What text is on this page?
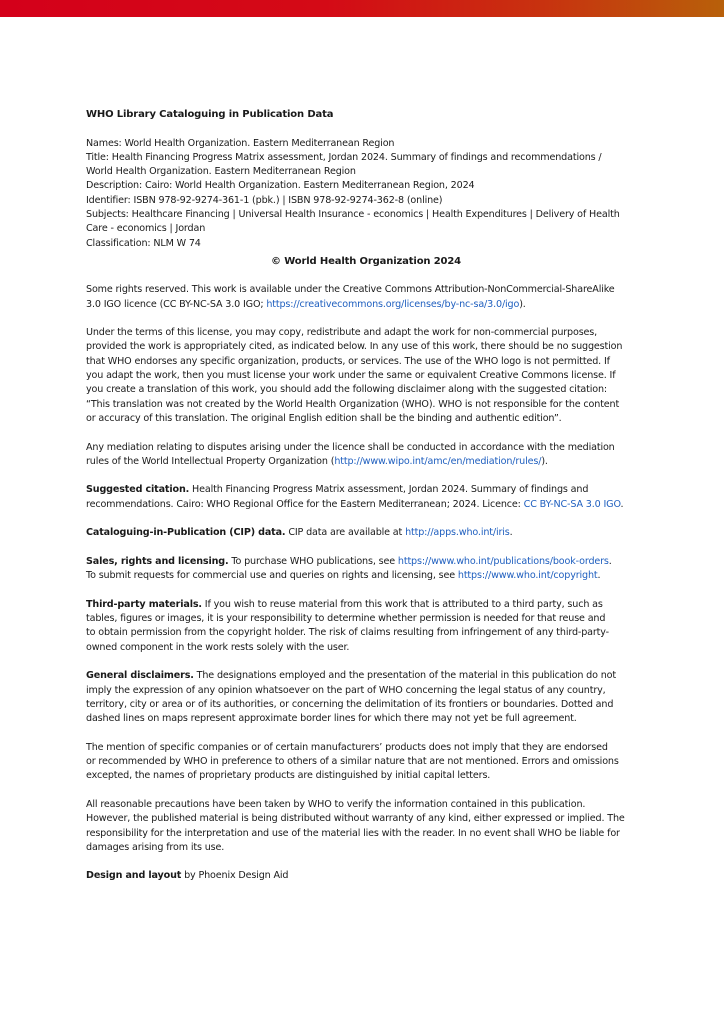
WHO Library Cataloguing in Publication Data

Names: World Health Organization. Eastern Mediterranean Region

Title: Health Financing Progress Matrix assessment, Jordan 2024. Summary of findings and recommendations /

World Health Organization. Eastern Mediterranean Region

Description: Cairo: World Health Organization. Eastern Mediterranean Region, 2024

Identifier: ISBN 978-92-9274-361-1 (pbk.) | ISBN 978-92-9274-362-8 (online)

Subjects: Healthcare Financing | Universal Health Insurance - economics | Health Expenditures | Delivery of Health

Care - economics | Jordan

Classification: NLM W 74

© World Health Organization 2024

Some rights reserved. This work is available under the Creative Commons Attribution-NonCommercial-ShareAlike

3.0 IGO licence (CC BY-NC-SA 3.0 IGO; https://creativecommons.org/licenses/by-nc-sa/3.0/igo).

Under the terms of this license, you may copy, redistribute and adapt the work for non-commercial purposes,

provided the work is appropriately cited, as indicated below. In any use of this work, there should be no suggestion

that WHO endorses any specific organization, products, or services. The use of the WHO logo is not permitted. If

you adapt the work, then you must license your work under the same or equivalent Creative Commons license. If

you create a translation of this work, you should add the following disclaimer along with the suggested citation:

“This translation was not created by the World Health Organization (WHO). WHO is not responsible for the content

or accuracy of this translation. The original English edition shall be the binding and authentic edition”.

Any mediation relating to disputes arising under the licence shall be conducted in accordance with the mediation

rules of the World Intellectual Property Organization (http://www.wipo.int/amc/en/mediation/rules/).

Suggested citation. Health Financing Progress Matrix assessment, Jordan 2024. Summary of findings and

recommendations. Cairo: WHO Regional Office for the Eastern Mediterranean; 2024. Licence: CC BY-NC-SA 3.0 IGO.

Cataloguing-in-Publication (CIP) data. CIP data are available at http://apps.who.int/iris.

Sales, rights and licensing. To purchase WHO publications, see https://www.who.int/publications/book-orders.

To submit requests for commercial use and queries on rights and licensing, see https://www.who.int/copyright.

Third-party materials. If you wish to reuse material from this work that is attributed to a third party, such as

tables, figures or images, it is your responsibility to determine whether permission is needed for that reuse and

to obtain permission from the copyright holder. The risk of claims resulting from infringement of any third-party-

owned component in the work rests solely with the user.

General disclaimers. The designations employed and the presentation of the material in this publication do not

imply the expression of any opinion whatsoever on the part of WHO concerning the legal status of any country,

territory, city or area or of its authorities, or concerning the delimitation of its frontiers or boundaries. Dotted and

dashed lines on maps represent approximate border lines for which there may not yet be full agreement.

The mention of specific companies or of certain manufacturers’ products does not imply that they are endorsed

or recommended by WHO in preference to others of a similar nature that are not mentioned. Errors and omissions

excepted, the names of proprietary products are distinguished by initial capital letters.

All reasonable precautions have been taken by WHO to verify the information contained in this publication.

However, the published material is being distributed without warranty of any kind, either expressed or implied. The

responsibility for the interpretation and use of the material lies with the reader. In no event shall WHO be liable for

damages arising from its use.

Design and layout by Phoenix Design Aid
